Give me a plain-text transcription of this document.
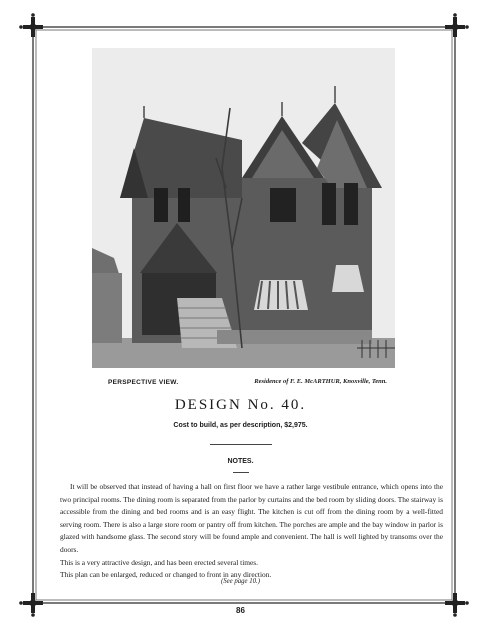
PERSPECTIVE VIEW.	Residence of F. E. McARTHUR, Knoxville, Tenn.
DESIGN No. 40.
Cost to build, as per description, $2,975.
NOTES.

It will be observed that instead of having a hall on first floor we have a rather large vestibule entrance, which opens into the two principal rooms. The dining room is separated from the parlor by curtains and the bed room by sliding doors. The stairway is accessible from the dining and bed rooms and is an easy flight. The kitchen is cut off from the dining room by a well-fitted serving room. There is also a large store room or pantry off from kitchen. The porches are ample and the bay window in parlor is glazed with handsome glass. The second story will be found ample and convenient. The hall is well lighted by transoms over the doors.

This is a very attractive design, and has been erected several times.

This plan can be enlarged, reduced or changed to front in any direction.

(See page 10.)
86
